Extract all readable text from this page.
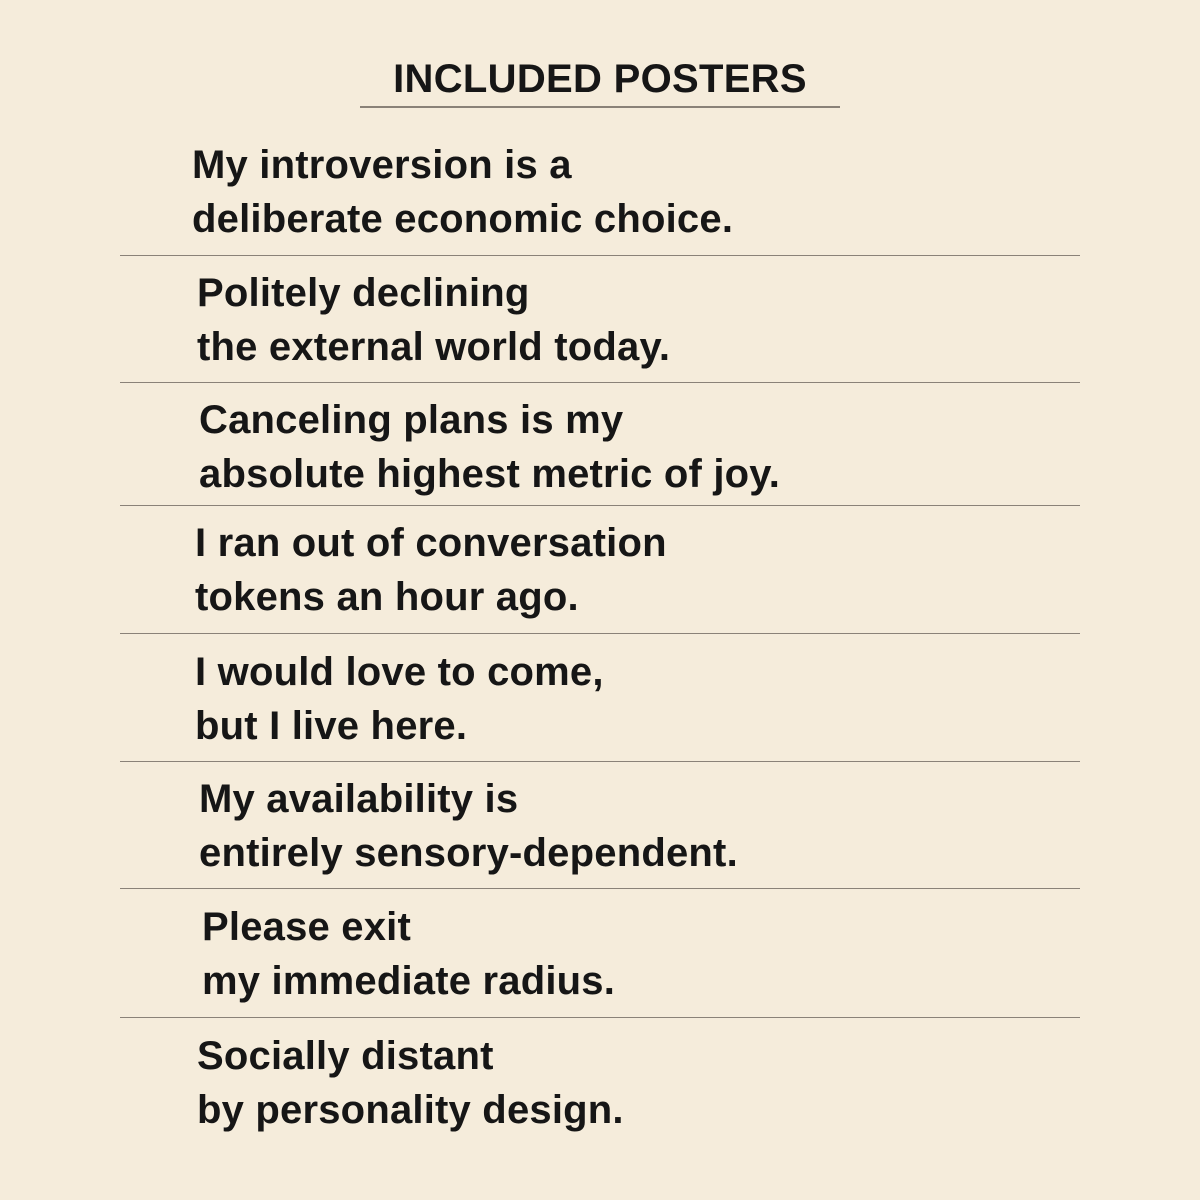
INCLUDED POSTERS
My introversion is a
deliberate economic choice.
Politely declining
the external world today.
Canceling plans is my
absolute highest metric of joy.
I ran out of conversation
tokens an hour ago.
I would love to come,
but I live here.
My availability is
entirely sensory-dependent.
Please exit
my immediate radius.
Socially distant
by personality design.
